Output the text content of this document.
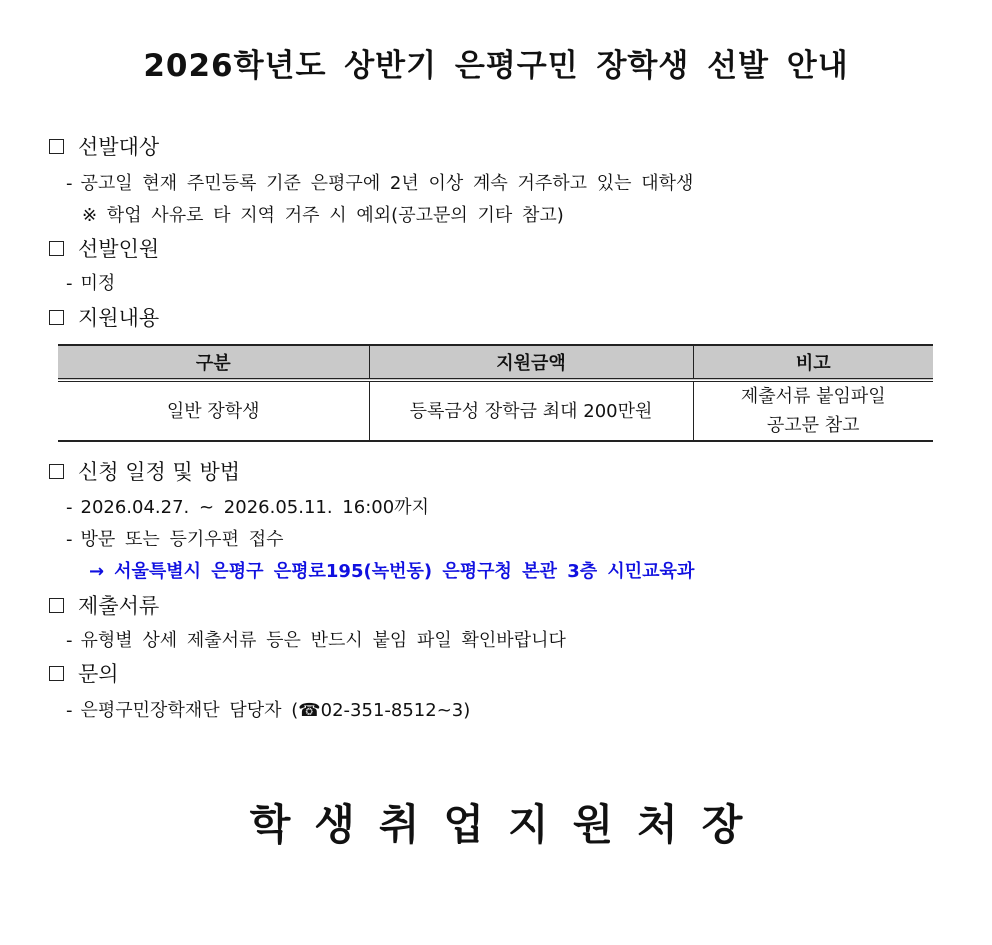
2026학년도 상반기 은평구민 장학생 선발 안내
선발대상
- 공고일 현재 주민등록 기준 은평구에 2년 이상 계속 거주하고 있는 대학생
※ 학업 사유로 타 지역 거주 시 예외(공고문의 기타 참고)
선발인원
- 미정
지원내용
구분	지원금액	비고
일반 장학생	등록금성 장학금 최대 200만원	제출서류 붙임파일
공고문 참고
신청 일정 및 방법
- 2026.04.27. ~ 2026.05.11. 16:00까지
- 방문 또는 등기우편 접수
→ 서울특별시 은평구 은평로195(녹번동) 은평구청 본관 3층 시민교육과
제출서류
- 유형별 상세 제출서류 등은 반드시 붙임 파일 확인바랍니다
문의
- 은평구민장학재단 담당자 (☎02-351-8512~3)
학생취업지원처장
